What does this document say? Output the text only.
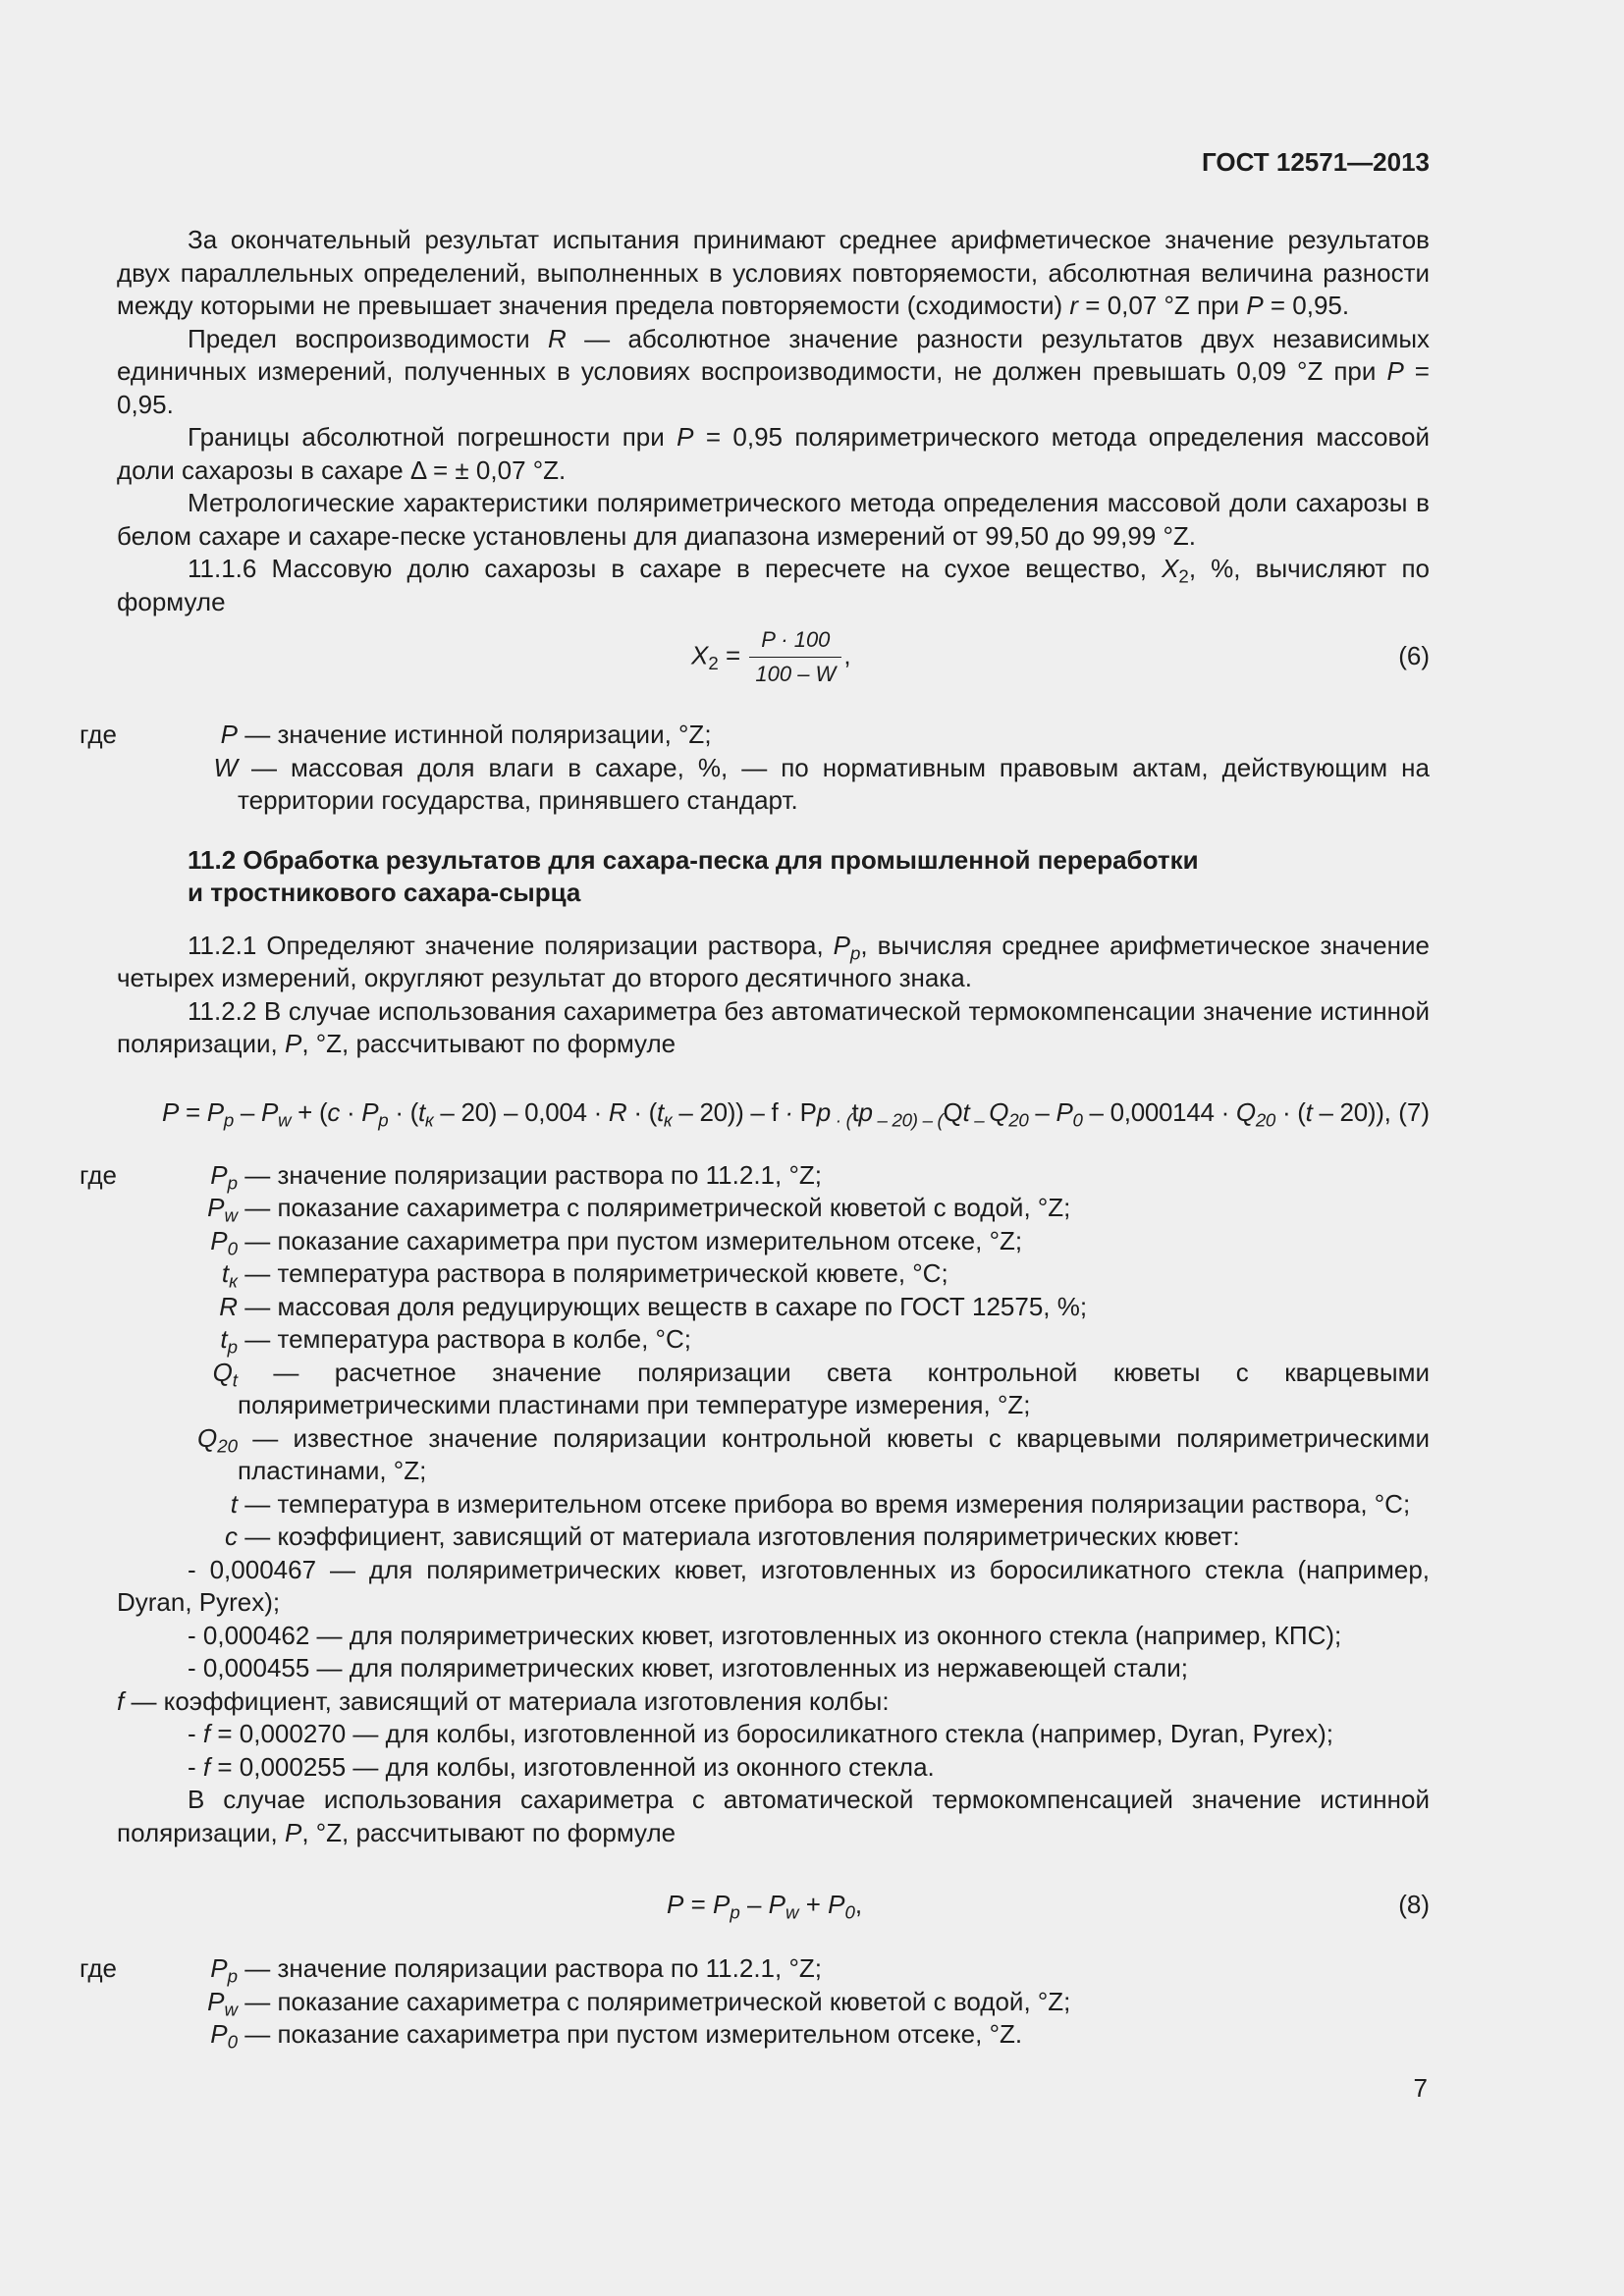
ГОСТ 12571—2013

За окончательный результат испытания принимают среднее арифметическое значение результатов двух параллельных определений, выполненных в условиях повторяемости, абсолютная величина разности между которыми не превышает значения предела повторяемости (сходимости) r = 0,07 °Z при P = 0,95.

Предел воспроизводимости R — абсолютное значение разности результатов двух независимых единичных измерений, полученных в условиях воспроизводимости, не должен превышать 0,09 °Z при P = 0,95.

Границы абсолютной погрешности при P = 0,95 поляриметрического метода определения массовой доли сахарозы в сахаре Δ = ± 0,07 °Z.

Метрологические характеристики поляриметрического метода определения массовой доли сахарозы в белом сахаре и сахаре-песке установлены для диапазона измерений от 99,50 до 99,99 °Z.

11.1.6 Массовую долю сахарозы в сахаре в пересчете на сухое вещество, $X_2$, %, вычисляют по формуле

$X_2 = \frac{P \cdot 100}{100 - W}$ ,	(6)
где	P — значение истинной поляризации, °Z;
W — массовая доля влаги в сахаре, %, — по нормативным правовым актам, действующим на территории государства, принявшего стандарт.
11.2 Обработка результатов для сахара-песка для промышленной переработки
и тростникового сахара-сырца

11.2.1 Определяют значение поляризации раствора, $P_p$, вычисляя среднее арифметическое значение четырех измерений, округляют результат до второго десятичного знака.

11.2.2 В случае использования сахариметра без автоматической термокомпенсации значение истинной поляризации, P, °Z, рассчитывают по формуле

$P = P_p - P_w + (c \cdot P_p \cdot (t_к - 20) - 0,004 \cdot R \cdot (t_к - 20)) - f \cdot Pp$ $_{\cdot (}$tp $_{- 20) - (}$Qt $_-$ $Q_{20} - P_0 - 0,000144 \cdot Q_{20} \cdot (t - 20)$), (7)
где	$P_p$ — значение поляризации раствора по 11.2.1, °Z;
$P_w$ — показание сахариметра с поляриметрической кюветой с водой, °Z;
$P_0$ — показание сахариметра при пустом измерительном отсеке, °Z;
$t_к$ — температура раствора в поляриметрической кювете, °C;
R — массовая доля редуцирующих веществ в сахаре по ГОСТ 12575, %;
$t_p$ — температура раствора в колбе, °C;
$Q_t$ — расчетное значение поляризации света контрольной кюветы с кварцевыми поляриметрическими пластинами при температуре измерения, °Z;
$Q_{20}$ — известное значение поляризации контрольной кюветы с кварцевыми поляриметрическими пластинами, °Z;
t — температура в измерительном отсеке прибора во время измерения поляризации раствора, °C;
c — коэффициент, зависящий от материала изготовления поляриметрических кювет:

- 0,000467 — для поляриметрических кювет, изготовленных из боросиликатного стекла (например, Dyran, Pyrex);

- 0,000462 — для поляриметрических кювет, изготовленных из оконного стекла (например, КПС);

- 0,000455 — для поляриметрических кювет, изготовленных из нержавеющей стали;

f — коэффициент, зависящий от материала изготовления колбы:

- f = 0,000270 — для колбы, изготовленной из боросиликатного стекла (например, Dyran, Pyrex);

- f = 0,000255 — для колбы, изготовленной из оконного стекла.

В случае использования сахариметра с автоматической термокомпенсацией значение истинной поляризации, P, °Z, рассчитывают по формуле

$P = P_p - P_w + P_0$,	(8)
где	$P_p$ — значение поляризации раствора по 11.2.1, °Z;
$P_w$ — показание сахариметра с поляриметрической кюветой с водой, °Z;
$P_0$ — показание сахариметра при пустом измерительном отсеке, °Z.
7
